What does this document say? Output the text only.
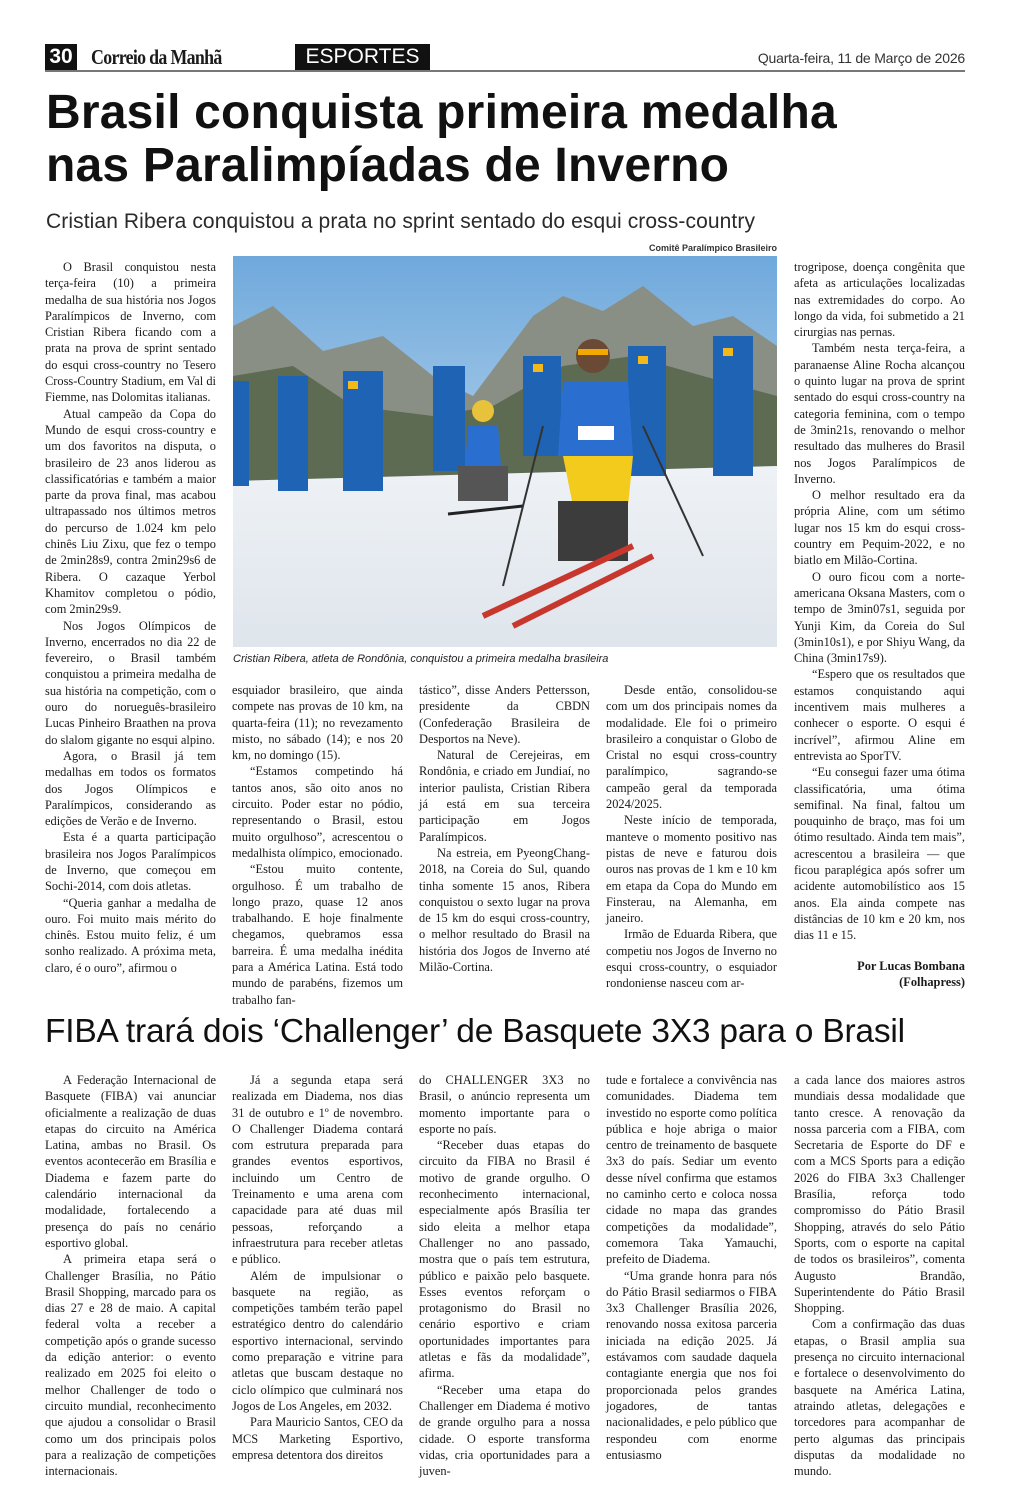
30 Correio da Manhã	ESPORTES	Quarta-feira, 11 de Março de 2026
Brasil conquista primeira medalha
nas Paralimpíadas de Inverno
Cristian Ribera conquistou a prata no sprint sentado do esqui cross-country
Comitê Paralímpico Brasileiro
Cristian Ribera, atleta de Rondônia, conquistou a primeira medalha brasileira

O Brasil conquistou nesta terça-feira (10) a primeira medalha de sua história nos Jogos Paralímpicos de Inverno, com Cristian Ribera ficando com a prata na prova de sprint sentado do esqui cross-country no Tesero Cross-Country Stadium, em Val di Fiemme, nas Dolomitas italianas.

Atual campeão da Copa do Mundo de esqui cross-country e um dos favoritos na disputa, o brasileiro de 23 anos liderou as classificatórias e também a maior parte da prova final, mas acabou ultrapassado nos últimos metros do percurso de 1.024 km pelo chinês Liu Zixu, que fez o tempo de 2min28s9, contra 2min29s6 de Ribera. O cazaque Yerbol Khamitov completou o pódio, com 2min29s9.

Nos Jogos Olímpicos de Inverno, encerrados no dia 22 de fevereiro, o Brasil também conquistou a primeira medalha de sua história na competição, com o ouro do norueguês-brasileiro Lucas Pinheiro Braathen na prova do slalom gigante no esqui alpino.

Agora, o Brasil já tem medalhas em todos os formatos dos Jogos Olímpicos e Paralímpicos, considerando as edições de Verão e de Inverno.

Esta é a quarta participação brasileira nos Jogos Paralímpicos de Inverno, que começou em Sochi-2014, com dois atletas.

“Queria ganhar a medalha de ouro. Foi muito mais mérito do chinês. Estou muito feliz, é um sonho realizado. A próxima meta, claro, é o ouro”, afirmou o

esquiador brasileiro, que ainda compete nas provas de 10 km, na quarta-feira (11); no revezamento misto, no sábado (14); e nos 20 km, no domingo (15).

“Estamos competindo há tantos anos, são oito anos no circuito. Poder estar no pódio, representando o Brasil, estou muito orgulhoso”, acrescentou o medalhista olímpico, emocionado.

“Estou muito contente, orgulhoso. É um trabalho de longo prazo, quase 12 anos trabalhando. E hoje finalmente chegamos, quebramos essa barreira. É uma medalha inédita para a América Latina. Está todo mundo de parabéns, fizemos um trabalho fan-

tástico”, disse Anders Pettersson, presidente da CBDN (Confederação Brasileira de Desportos na Neve).

Natural de Cerejeiras, em Rondônia, e criado em Jundiaí, no interior paulista, Cristian Ribera já está em sua terceira participação em Jogos Paralímpicos.

Na estreia, em PyeongChang-2018, na Coreia do Sul, quando tinha somente 15 anos, Ribera conquistou o sexto lugar na prova de 15 km do esqui cross-country, o melhor resultado do Brasil na história dos Jogos de Inverno até Milão-Cortina.

Desde então, consolidou-se com um dos principais nomes da modalidade. Ele foi o primeiro brasileiro a conquistar o Globo de Cristal no esqui cross-country paralímpico, sagrando-se campeão geral da temporada 2024/2025.

Neste início de temporada, manteve o momento positivo nas pistas de neve e faturou dois ouros nas provas de 1 km e 10 km em etapa da Copa do Mundo em Finsterau, na Alemanha, em janeiro.

Irmão de Eduarda Ribera, que competiu nos Jogos de Inverno no esqui cross-country, o esquiador rondoniense nasceu com ar-

trogripose, doença congênita que afeta as articulações localizadas nas extremidades do corpo. Ao longo da vida, foi submetido a 21 cirurgias nas pernas.

Também nesta terça-feira, a paranaense Aline Rocha alcançou o quinto lugar na prova de sprint sentado do esqui cross-country na categoria feminina, com o tempo de 3min21s, renovando o melhor resultado das mulheres do Brasil nos Jogos Paralímpicos de Inverno.

O melhor resultado era da própria Aline, com um sétimo lugar nos 15 km do esqui cross-country em Pequim-2022, e no biatlo em Milão-Cortina.

O ouro ficou com a norte-americana Oksana Masters, com o tempo de 3min07s1, seguida por Yunji Kim, da Coreia do Sul (3min10s1), e por Shiyu Wang, da China (3min17s9).

“Espero que os resultados que estamos conquistando aqui incentivem mais mulheres a conhecer o esporte. O esqui é incrível”, afirmou Aline em entrevista ao SporTV.

“Eu consegui fazer uma ótima classificatória, uma ótima semifinal. Na final, faltou um pouquinho de braço, mas foi um ótimo resultado. Ainda tem mais”, acrescentou a brasileira — que ficou paraplégica após sofrer um acidente automobilístico aos 15 anos. Ela ainda compete nas distâncias de 10 km e 20 km, nos dias 11 e 15.

Por Lucas Bombana
(Folhapress)
FIBA trará dois ‘Challenger’ de Basquete 3X3 para o Brasil

A Federação Internacional de Basquete (FIBA) vai anunciar oficialmente a realização de duas etapas do circuito na América Latina, ambas no Brasil. Os eventos acontecerão em Brasília e Diadema e fazem parte do calendário internacional da modalidade, fortalecendo a presença do país no cenário esportivo global.

A primeira etapa será o Challenger Brasília, no Pátio Brasil Shopping, marcado para os dias 27 e 28 de maio. A capital federal volta a receber a competição após o grande sucesso da edição anterior: o evento realizado em 2025 foi eleito o melhor Challenger de todo o circuito mundial, reconhecimento que ajudou a consolidar o Brasil como um dos principais polos para a realização de competições internacionais.

Já a segunda etapa será realizada em Diadema, nos dias 31 de outubro e 1º de novembro. O Challenger Diadema contará com estrutura preparada para grandes eventos esportivos, incluindo um Centro de Treinamento e uma arena com capacidade para até duas mil pessoas, reforçando a infraestrutura para receber atletas e público.

Além de impulsionar o basquete na região, as competições também terão papel estratégico dentro do calendário esportivo internacional, servindo como preparação e vitrine para atletas que buscam destaque no ciclo olímpico que culminará nos Jogos de Los Angeles, em 2032.

Para Mauricio Santos, CEO da MCS Marketing Esportivo, empresa detentora dos direitos

do CHALLENGER 3X3 no Brasil, o anúncio representa um momento importante para o esporte no país.

“Receber duas etapas do circuito da FIBA no Brasil é motivo de grande orgulho. O reconhecimento internacional, especialmente após Brasília ter sido eleita a melhor etapa Challenger no ano passado, mostra que o país tem estrutura, público e paixão pelo basquete. Esses eventos reforçam o protagonismo do Brasil no cenário esportivo e criam oportunidades importantes para atletas e fãs da modalidade”, afirma.

“Receber uma etapa do Challenger em Diadema é motivo de grande orgulho para a nossa cidade. O esporte transforma vidas, cria oportunidades para a juven-

tude e fortalece a convivência nas comunidades. Diadema tem investido no esporte como política pública e hoje abriga o maior centro de treinamento de basquete 3x3 do país. Sediar um evento desse nível confirma que estamos no caminho certo e coloca nossa cidade no mapa das grandes competições da modalidade”, comemora Taka Yamauchi, prefeito de Diadema.

“Uma grande honra para nós do Pátio Brasil sediarmos o FIBA 3x3 Challenger Brasília 2026, renovando nossa exitosa parceria iniciada na edição 2025. Já estávamos com saudade daquela contagiante energia que nos foi proporcionada pelos grandes jogadores, de tantas nacionalidades, e pelo público que respondeu com enorme entusiasmo

a cada lance dos maiores astros mundiais dessa modalidade que tanto cresce. A renovação da nossa parceria com a FIBA, com Secretaria de Esporte do DF e com a MCS Sports para a edição 2026 do FIBA 3x3 Challenger Brasília, reforça todo compromisso do Pátio Brasil Shopping, através do selo Pátio Sports, com o esporte na capital de todos os brasileiros”, comenta Augusto Brandão, Superintendente do Pátio Brasil Shopping.

Com a confirmação das duas etapas, o Brasil amplia sua presença no circuito internacional e fortalece o desenvolvimento do basquete na América Latina, atraindo atletas, delegações e torcedores para acompanhar de perto algumas das principais disputas da modalidade no mundo.
